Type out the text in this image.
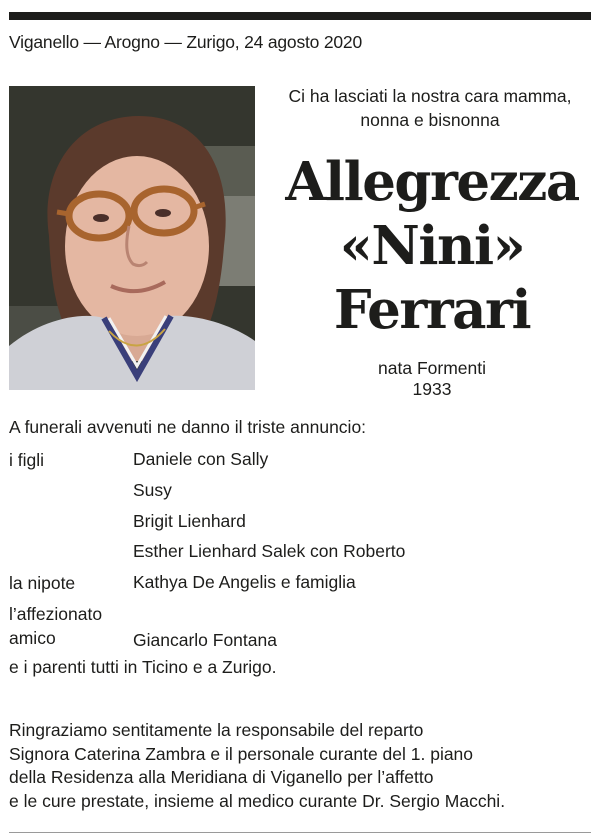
Viganello — Arogno — Zurigo, 24 agosto 2020
Ci ha lasciati la nostra cara mamma,
nonna e bisnonna
Allegrezza
«Nini»
Ferrari
nata Formenti
1933
A funerali avvenuti ne danno il triste annuncio:
i figli	Daniele con Sally
Susy
Brigit Lienhard
Esther Lienhard Salek con Roberto
la nipote	Kathya De Angelis e famiglia
l’affezionato amico	Giancarlo Fontana
e i parenti tutti in Ticino e a Zurigo.
Ringraziamo sentitamente la responsabile del reparto
Signora Caterina Zambra e il personale curante del 1. piano
della Residenza alla Meridiana di Viganello per l’affetto
e le cure prestate, insieme al medico curante Dr. Sergio Macchi.
